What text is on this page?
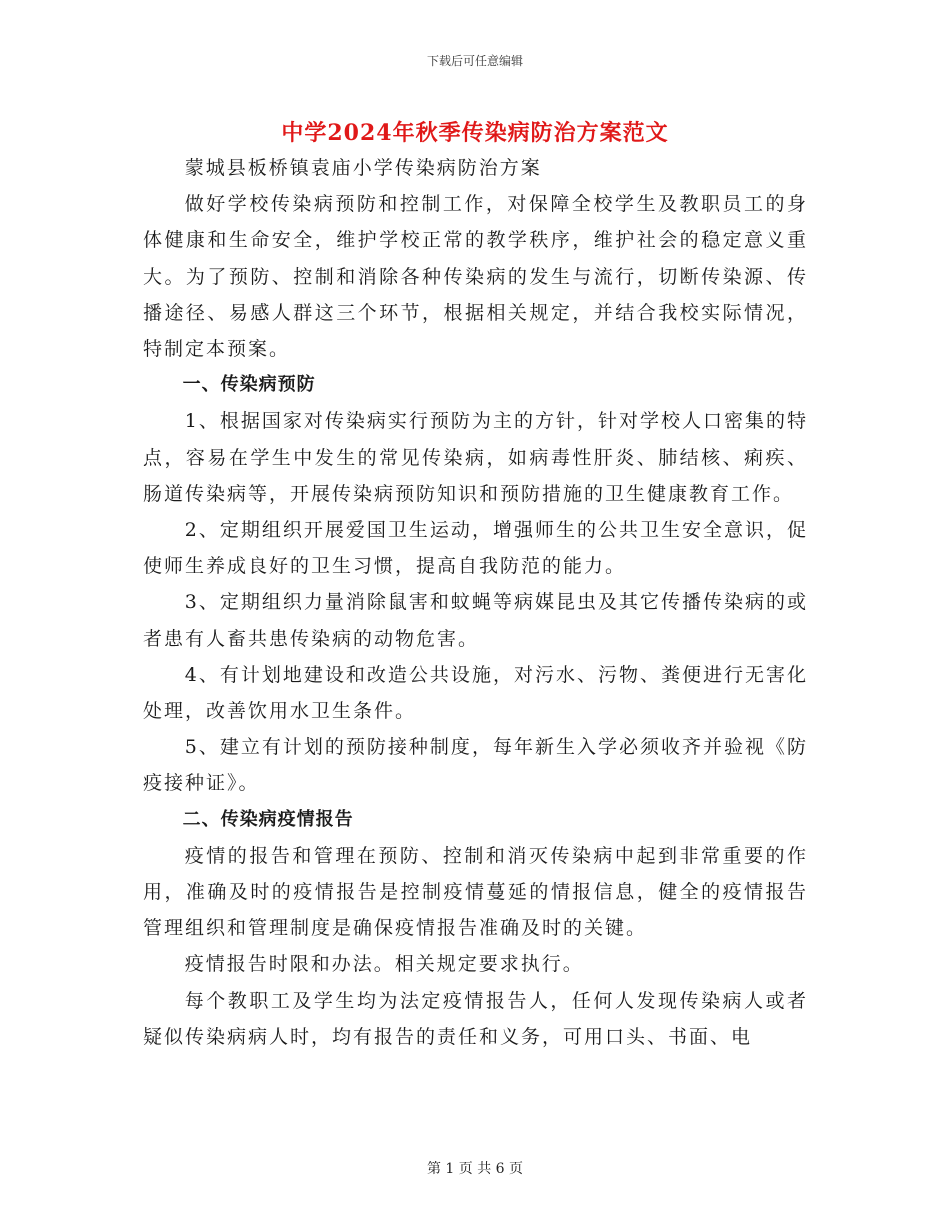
下载后可任意编辑
中学2024年秋季传染病防治方案范文

蒙城县板桥镇袁庙小学传染病防治方案

做好学校传染病预防和控制工作，对保障全校学生及教职员工的身体健康和生命安全，维护学校正常的教学秩序，维护社会的稳定意义重大。为了预防、控制和消除各种传染病的发生与流行，切断传染源、传播途径、易感人群这三个环节，根据相关规定，并结合我校实际情况，特制定本预案。

一、传染病预防

1、根据国家对传染病实行预防为主的方针，针对学校人口密集的特点，容易在学生中发生的常见传染病，如病毒性肝炎、肺结核、痢疾、肠道传染病等，开展传染病预防知识和预防措施的卫生健康教育工作。

2、定期组织开展爱国卫生运动，增强师生的公共卫生安全意识，促使师生养成良好的卫生习惯，提高自我防范的能力。

3、定期组织力量消除鼠害和蚊蝇等病媒昆虫及其它传播传染病的或者患有人畜共患传染病的动物危害。

4、有计划地建设和改造公共设施，对污水、污物、粪便进行无害化处理，改善饮用水卫生条件。

5、建立有计划的预防接种制度，每年新生入学必须收齐并验视《防疫接种证》。

二、传染病疫情报告

疫情的报告和管理在预防、控制和消灭传染病中起到非常重要的作用，准确及时的疫情报告是控制疫情蔓延的情报信息，健全的疫情报告管理组织和管理制度是确保疫情报告准确及时的关键。

疫情报告时限和办法。相关规定要求执行。

每个教职工及学生均为法定疫情报告人，任何人发现传染病人或者疑似传染病病人时，均有报告的责任和义务，可用口头、书面、电

第 1 页 共 6 页
